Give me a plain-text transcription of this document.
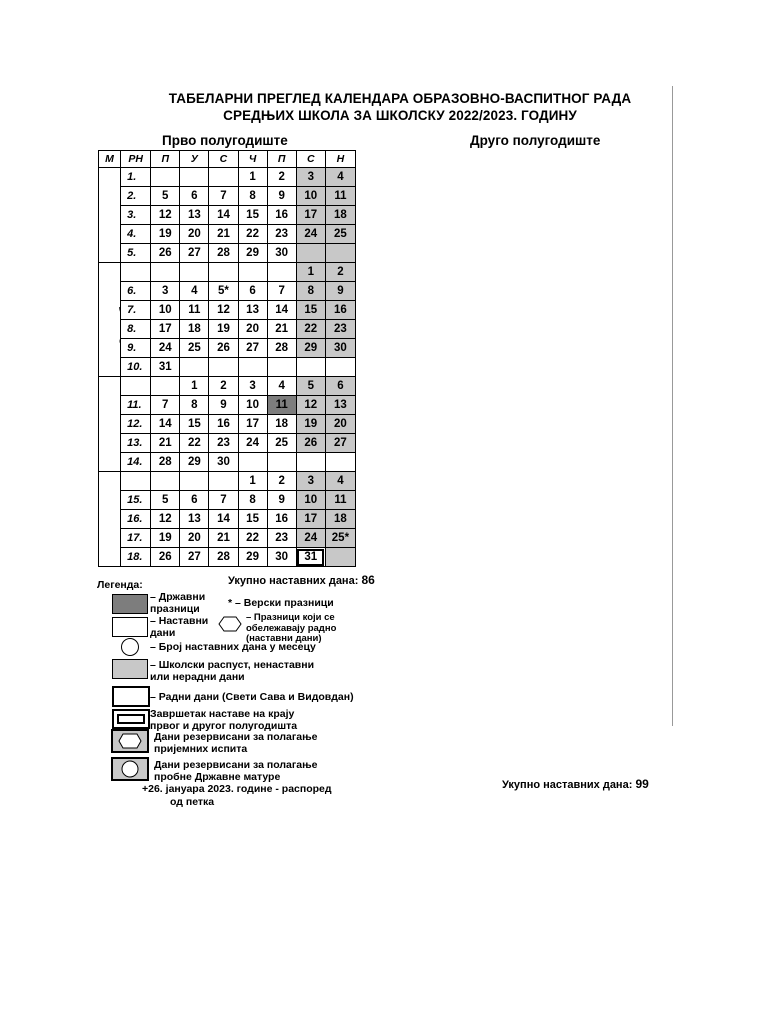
ТАБЕЛАРНИ ПРЕГЛЕД КАЛЕНДАРА ОБРАЗОВНО-ВАСПИТНОГ РАДА
СРЕДЊИХ ШКОЛА ЗА ШКОЛСКУ 2022/2023. ГОДИНУ
Прво полугодиште	Друго полугодиште
М	РН	П	У	С	Ч	П	С	Н
	1.				1	2	3	4
	2.	5	6	7	8	9	10	11
	3.	12	13	14	15	16	17	18
	4.	19	20	21	22	23	24	25
	5.	26	27	28	29	30		
							1	2
	6.	3	4	5*	6	7	8	9
	7.	10	11	12	13	14	15	16
	8.	17	18	19	20	21	22	23
	9.	24	25	26	27	28	29	30
	10.	31						
			1	2	3	4	5	6
	11.	7	8	9	10	11	12	13
	12.	14	15	16	17	18	19	20
	13.	21	22	23	24	25	26	27
	14.	28	29	30				
					1	2	3	4
	15.	5	6	7	8	9	10	11
	16.	12	13	14	15	16	17	18
	17.	19	20	21	22	23	24	25*
	18.	26	27	28	29	30	31	
Укупно наставних дана: 86
Укупно наставних дана: 99
Легенда:
– Државни празници	* – Верски празници
– Наставни дани
– Празници који се обележавају радно (наставни дани)
– Број наставних дана у месецу
– Школски распуст, ненаставни или нерадни дани
– Радни дани (Свети Сава и Видовдан)
Завршетак наставе на крају првог и другог полугодишта
Дани резервисани за полагање пријемних испита
Дани резервисани за полагање пробне Државне матуре
+26. јануара 2023. године - распоред
од петка
